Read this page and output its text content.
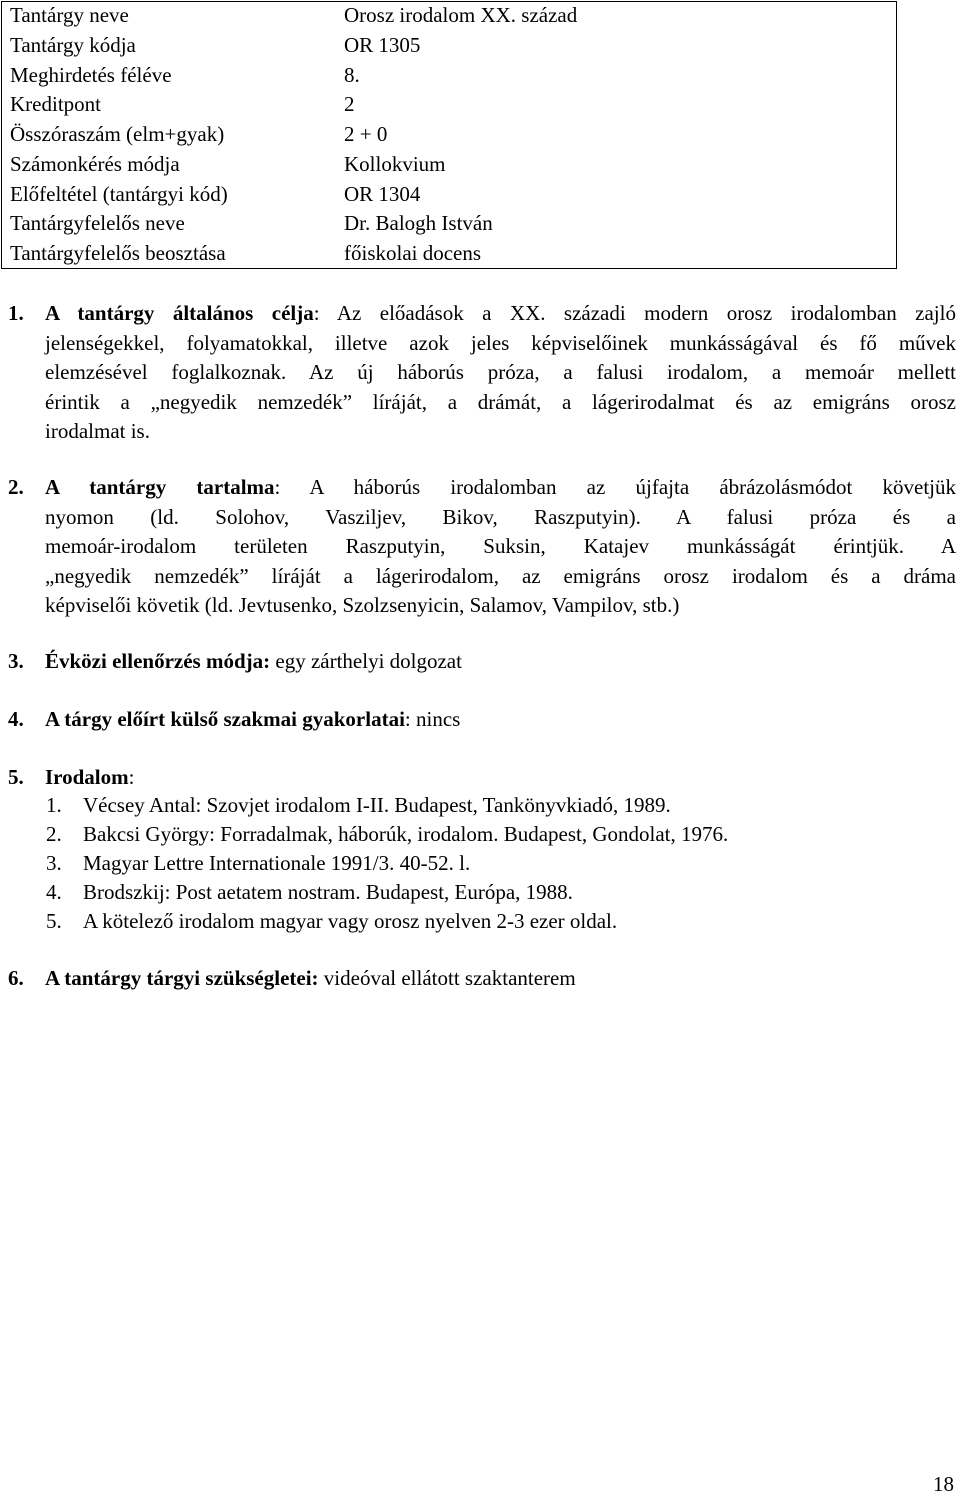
Tantárgy neve	Orosz irodalom XX. század
Tantárgy kódja	OR 1305
Meghirdetés féléve	8.
Kreditpont	2
Összóraszám (elm+gyak)	2 + 0
Számonkérés módja	Kollokvium
Előfeltétel (tantárgyi kód)	OR 1304
Tantárgyfelelős neve	Dr. Balogh István
Tantárgyfelelős beosztása	főiskolai docens
1. A tantárgy általános célja: Az előadások a XX. századi modern orosz irodalomban zajló
jelenségekkel, folyamatokkal, illetve azok jeles képviselőinek munkásságával és fő művek
elemzésével foglalkoznak. Az új háborús próza, a falusi irodalom, a memoár mellett
érintik a „negyedik nemzedék” líráját, a drámát, a lágerirodalmat és az emigráns orosz
irodalmat is.
2. A tantárgy tartalma: A háborús irodalomban az újfajta ábrázolásmódot követjük
nyomon (ld. Solohov, Vasziljev, Bikov, Raszputyin). A falusi próza és a
memoár-irodalom területen Raszputyin, Suksin, Katajev munkásságát érintjük. A
„negyedik nemzedék” líráját a lágerirodalom, az emigráns orosz irodalom és a dráma
képviselői követik (ld. Jevtusenko, Szolzsenyicin, Salamov, Vampilov, stb.)
3. Évközi ellenőrzés módja: egy zárthelyi dolgozat
4. A tárgy előírt külső szakmai gyakorlatai: nincs
5. Irodalom:
1. Vécsey Antal: Szovjet irodalom I-II. Budapest, Tankönyvkiadó, 1989.
2. Bakcsi György: Forradalmak, háborúk, irodalom. Budapest, Gondolat, 1976.
3. Magyar Lettre Internationale 1991/3. 40-52. l.
4. Brodszkij: Post aetatem nostram. Budapest, Európa, 1988.
5. A kötelező irodalom magyar vagy orosz nyelven 2-3 ezer oldal.
6. A tantárgy tárgyi szükségletei: videóval ellátott szaktanterem
18
